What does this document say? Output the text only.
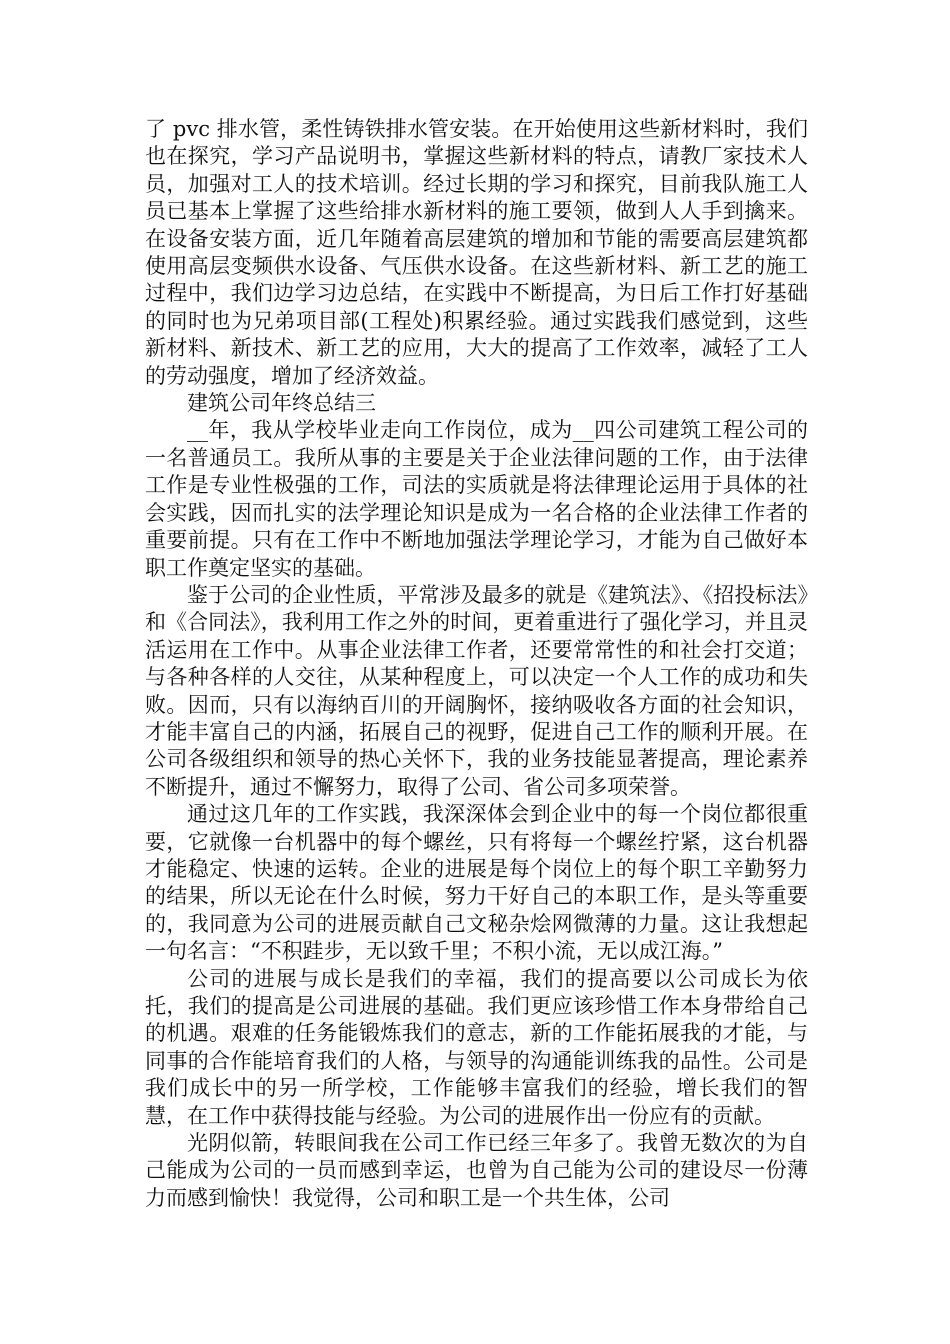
了 pvc 排水管，柔性铸铁排水管安装。在开始使用这些新材料时，我们也在探究，学习产品说明书，掌握这些新材料的特点，请教厂家技术人员，加强对工人的技术培训。经过长期的学习和探究，目前我队施工人员已基本上掌握了这些给排水新材料的施工要领，做到人人手到擒来。在设备安装方面，近几年随着高层建筑的增加和节能的需要高层建筑都使用高层变频供水设备、气压供水设备。在这些新材料、新工艺的施工过程中，我们边学习边总结，在实践中不断提高，为日后工作打好基础的同时也为兄弟项目部(工程处)积累经验。通过实践我们感觉到，这些新材料、新技术、新工艺的应用，大大的提高了工作效率，减轻了工人的劳动强度，增加了经济效益。

建筑公司年终总结三

__年，我从学校毕业走向工作岗位，成为__四公司建筑工程公司的一名普通员工。我所从事的主要是关于企业法律问题的工作，由于法律工作是专业性极强的工作，司法的实质就是将法律理论运用于具体的社会实践，因而扎实的法学理论知识是成为一名合格的企业法律工作者的重要前提。只有在工作中不断地加强法学理论学习，才能为自己做好本职工作奠定坚实的基础。

鉴于公司的企业性质，平常涉及最多的就是《建筑法》、《招投标法》和《合同法》，我利用工作之外的时间，更着重进行了强化学习，并且灵活运用在工作中。从事企业法律工作者，还要常常性的和社会打交道；与各种各样的人交往，从某种程度上，可以决定一个人工作的成功和失败。因而，只有以海纳百川的开阔胸怀，接纳吸收各方面的社会知识，才能丰富自己的内涵，拓展自己的视野，促进自己工作的顺利开展。在公司各级组织和领导的热心关怀下，我的业务技能显著提高，理论素养不断提升，通过不懈努力，取得了公司、省公司多项荣誉。

通过这几年的工作实践，我深深体会到企业中的每一个岗位都很重要，它就像一台机器中的每个螺丝，只有将每一个螺丝拧紧，这台机器才能稳定、快速的运转。企业的进展是每个岗位上的每个职工辛勤努力的结果，所以无论在什么时候，努力干好自己的本职工作，是头等重要的，我同意为公司的进展贡献自己文秘杂烩网微薄的力量。这让我想起一句名言：“不积跬步，无以致千里；不积小流，无以成江海。”

公司的进展与成长是我们的幸福，我们的提高要以公司成长为依托，我们的提高是公司进展的基础。我们更应该珍惜工作本身带给自己的机遇。艰难的任务能锻炼我们的意志，新的工作能拓展我的才能，与同事的合作能培育我们的人格，与领导的沟通能训练我的品性。公司是我们成长中的另一所学校，工作能够丰富我们的经验，增长我们的智慧，在工作中获得技能与经验。为公司的进展作出一份应有的贡献。

光阴似箭，转眼间我在公司工作已经三年多了。我曾无数次的为自己能成为公司的一员而感到幸运，也曾为自己能为公司的建设尽一份薄力而感到愉快！我觉得，公司和职工是一个共生体，公司
